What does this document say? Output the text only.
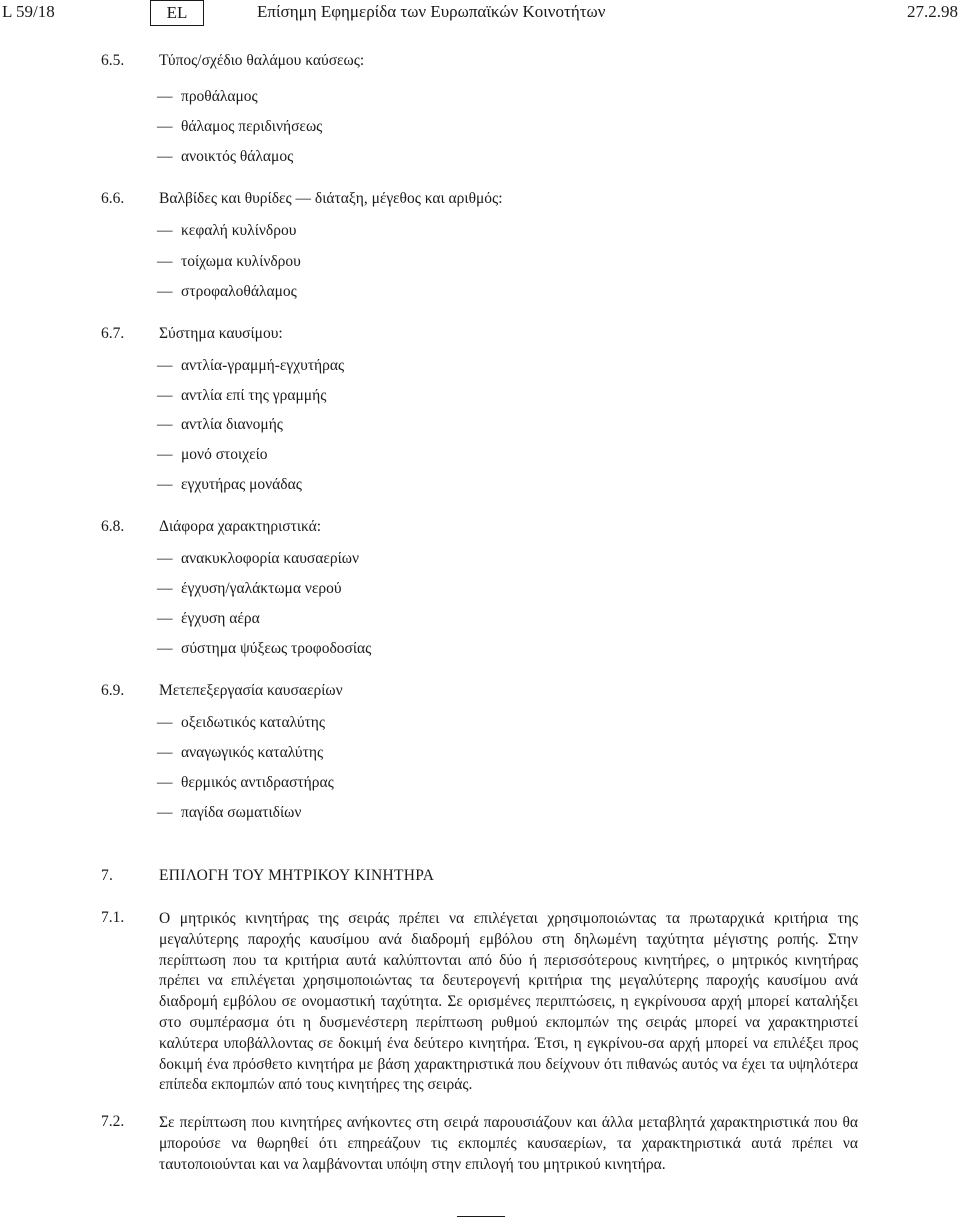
L 59/18	EL	Επίσημη Εφημερίδα των Ευρωπαϊκών Κοινοτήτων	27.2.98
6.5. Τύπος/σχέδιο θαλάμου καύσεως:
— προθάλαμος
— θάλαμος περιδινήσεως
— ανοικτός θάλαμος
6.6. Βαλβίδες και θυρίδες — διάταξη, μέγεθος και αριθμός:
— κεφαλή κυλίνδρου
— τοίχωμα κυλίνδρου
— στροφαλοθάλαμος
6.7. Σύστημα καυσίμου:
— αντλία-γραμμή-εγχυτήρας
— αντλία επί της γραμμής
— αντλία διανομής
— μονό στοιχείο
— εγχυτήρας μονάδας
6.8. Διάφορα χαρακτηριστικά:
— ανακυκλοφορία καυσαερίων
— έγχυση/γαλάκτωμα νερού
— έγχυση αέρα
— σύστημα ψύξεως τροφοδοσίας
6.9. Μετεπεξεργασία καυσαερίων
— οξειδωτικός καταλύτης
— αναγωγικός καταλύτης
— θερμικός αντιδραστήρας
— παγίδα σωματιδίων
7.	ΕΠΙΛΟΓΗ ΤΟΥ ΜΗΤΡΙΚΟΥ ΚΙΝΗΤΗΡΑ
7.1. Ο μητρικός κινητήρας της σειράς πρέπει να επιλέγεται χρησιμοποιώντας τα πρωταρχικά κριτήρια της μεγαλύτερης παροχής καυσίμου ανά διαδρομή εμβόλου στη δηλωμένη ταχύτητα μέγιστης ροπής. Στην περίπτωση που τα κριτήρια αυτά καλύπτονται από δύο ή περισσότερους κινητήρες, ο μητρικός κινητήρας πρέπει να επιλέγεται χρησιμοποιώντας τα δευτερογενή κριτήρια της μεγαλύτερης παροχής καυσίμου ανά διαδρομή εμβόλου σε ονομαστική ταχύτητα. Σε ορισμένες περιπτώσεις, η εγκρίνουσα αρχή μπορεί καταλήξει στο συμπέρασμα ότι η δυσμενέστερη περίπτωση ρυθμού εκπομπών της σειράς μπορεί να χαρακτηριστεί καλύτερα υποβάλλοντας σε δοκιμή ένα δεύτερο κινητήρα. Έτσι, η εγκρίνου-σα αρχή μπορεί να επιλέξει προς δοκιμή ένα πρόσθετο κινητήρα με βάση χαρακτηριστικά που δείχνουν ότι πιθανώς αυτός να έχει τα υψηλότερα επίπεδα εκπομπών από τους κινητήρες της σειράς.
7.2. Σε περίπτωση που κινητήρες ανήκοντες στη σειρά παρουσιάζουν και άλλα μεταβλητά χαρακτηριστικά που θα μπορούσε να θωρηθεί ότι επηρεάζουν τις εκπομπές καυσαερίων, τα χαρακτηριστικά αυτά πρέπει να ταυτοποιούνται και να λαμβάνονται υπόψη στην επιλογή του μητρικού κινητήρα.
